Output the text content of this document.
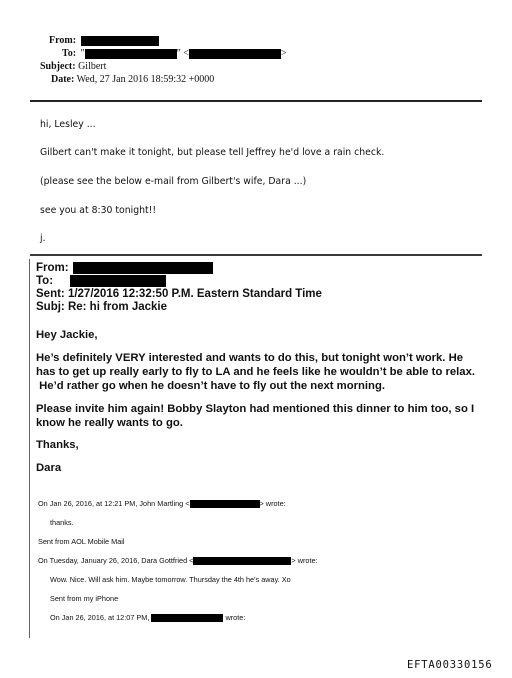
From:
To: "	" <	>
Subject: Gilbert
Date: Wed, 27 Jan 2016 18:59:32 +0000
hi, Lesley ...
Gilbert can't make it tonight, but please tell Jeffrey he'd love a rain check.
(please see the below e-mail from Gilbert's wife, Dara ...)
see you at 8:30 tonight!!
j.
From:
To:
Sent: 1/27/2016 12:32:50 P.M. Eastern Standard Time
Subj: Re: hi from Jackie
Hey Jackie,
He’s definitely VERY interested and wants to do this, but tonight won’t work. He
has to get up really early to fly to LA and he feels like he wouldn’t be able to relax.
He’d rather go when he doesn’t have to fly out the next morning.
Please invite him again! Bobby Slayton had mentioned this dinner to him too, so I
know he really wants to go.
Thanks,
Dara
On Jan 26, 2016, at 12:21 PM, John Martling <	> wrote:
thanks.
Sent from AOL Mobile Mail
On Tuesday, January 26, 2016, Dara Gottfried <	> wrote:
Wow. Nice. Will ask him. Maybe tomorrow. Thursday the 4th he's away. Xo
Sent from my iPhone
On Jan 26, 2016, at 12:07 PM,	wrote:
EFTA00330156
